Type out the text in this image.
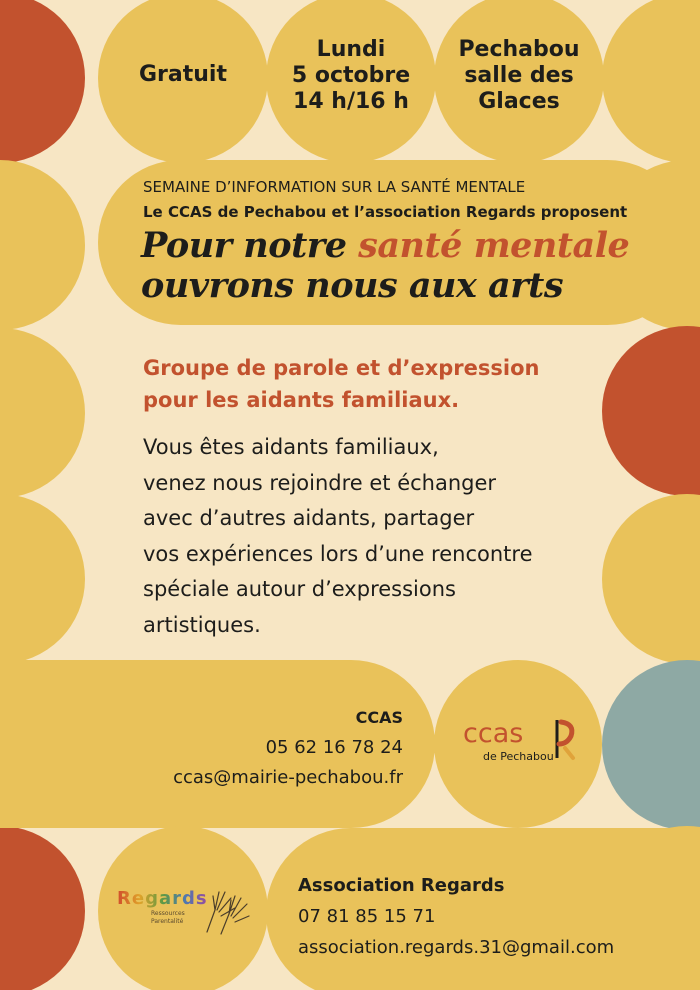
Gratuit
Lundi
5 octobre
14 h/16 h
Pechabou
salle des
Glaces
SEMAINE D’INFORMATION SUR LA SANTÉ MENTALE
Le CCAS de Pechabou et l’association Regards proposent
Pour notre santé mentale
ouvrons nous aux arts
Groupe de parole et d’expression
pour les aidants familiaux.
Vous êtes aidants familiaux,
venez nous rejoindre et échanger
avec d’autres aidants, partager
vos expériences lors d’une rencontre
spéciale autour d’expressions
artistiques.
CCAS
05 62 16 78 24
ccas@mairie-pechabou.fr
ccas
de Pechabou
Regards
Ressources
Parentalité
Association Regards
07 81 85 15 71
association.regards.31@gmail.com
